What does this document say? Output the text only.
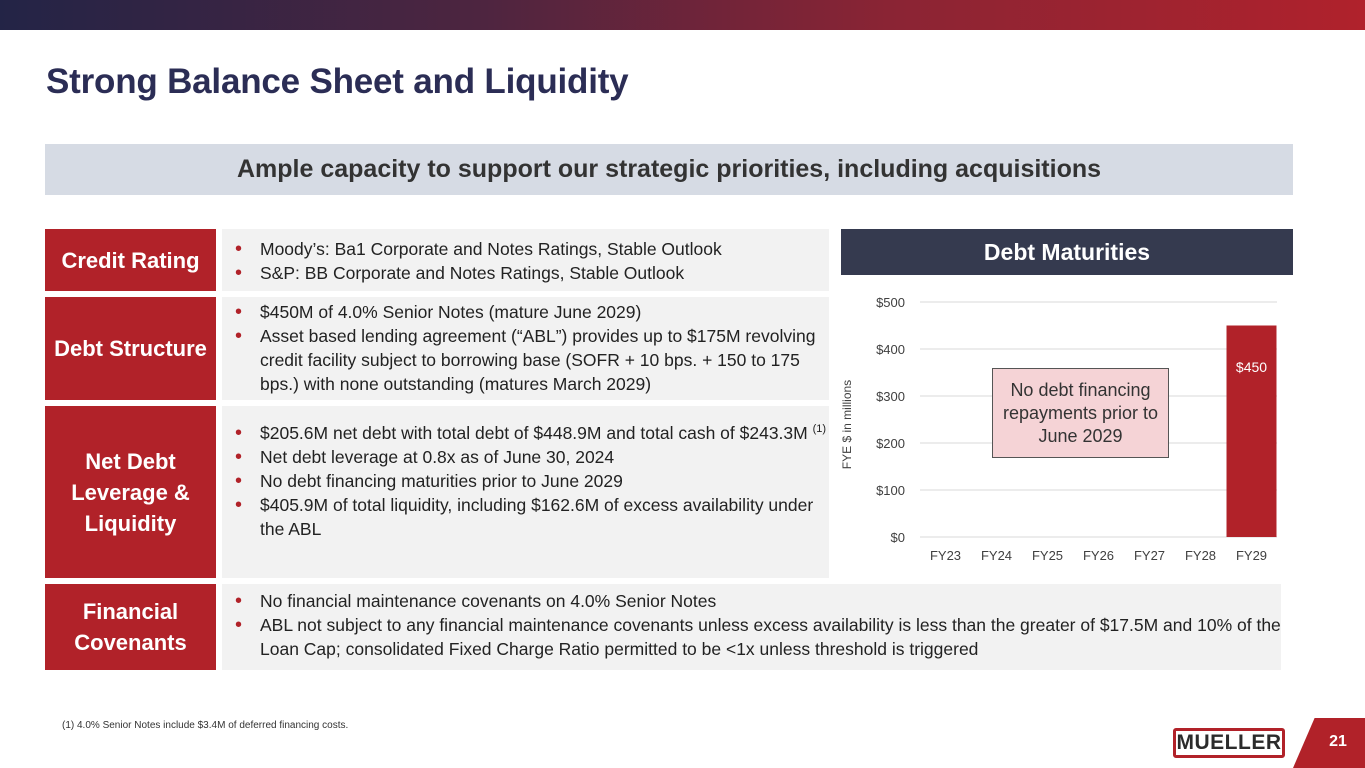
Strong Balance Sheet and Liquidity
Ample capacity to support our strategic priorities, including acquisitions
Credit Rating
•	Moody’s: Ba1 Corporate and Notes Ratings, Stable Outlook
• S&P: BB Corporate and Notes Ratings, Stable Outlook
Debt Structure
• $450M of 4.0% Senior Notes (mature June 2029)
• Asset based lending agreement (“ABL”) provides up to $175M revolving credit facility subject to borrowing base (SOFR + 10 bps. + 150 to 175 bps.) with none outstanding (matures March 2029)
Net Debt Leverage & Liquidity
• $205.6M net debt with total debt of $448.9M and total cash of $243.3M $^{(1)}$
• Net debt leverage at 0.8x as of June 30, 2024
• No debt financing maturities prior to June 2029
• $405.9M of total liquidity, including $162.6M of excess availability under the ABL
Financial Covenants
• No financial maintenance covenants on 4.0% Senior Notes
• ABL not subject to any financial maintenance covenants unless excess availability is less than the greater of $17.5M and 10% of the Loan Cap; consolidated Fixed Charge Ratio permitted to be <1x unless threshold is triggered
Debt Maturities
$0
$100
$200
$300
$400
$500
FYE $ in millions
FY23 FY24 FY25 FY26 FY27 FY28 FY29
$450
No debt financing repayments prior to June 2029
(1) 4.0% Senior Notes include $3.4M of deferred financing costs.
MUELLER	21
